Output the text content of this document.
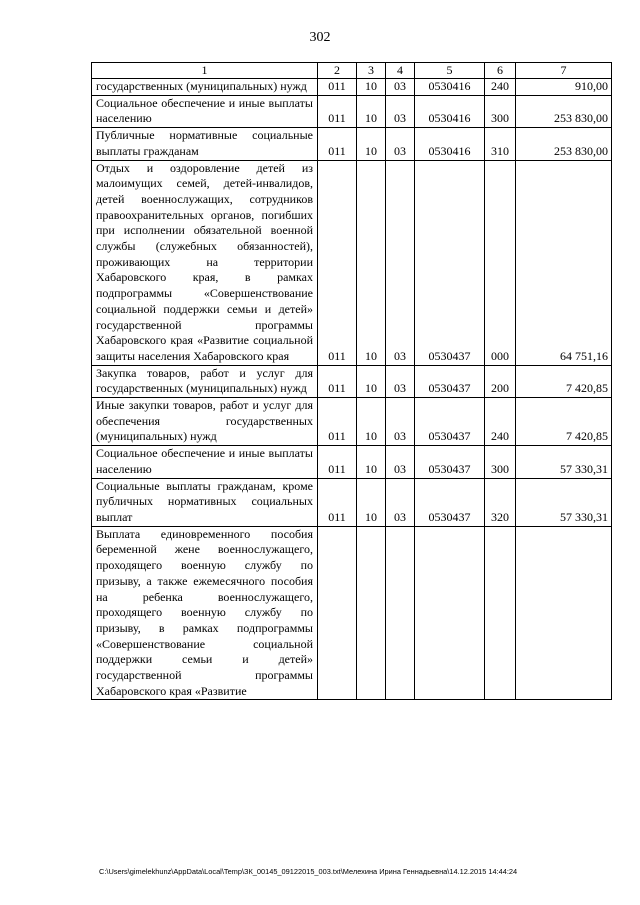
302
1	2	3	4	5	6	7
государственных (муниципальных) нужд	011	10	03	0530416	240	910,00
Социальное обеспечение и иные выплаты населению	011	10	03	0530416	300	253 830,00
Публичные нормативные социальные выплаты гражданам	011	10	03	0530416	310	253 830,00
Отдых и оздоровление детей из малоимущих семей, детей-инвалидов, детей военнослужащих, сотрудников правоохранительных органов, погибших при исполнении обязательной военной службы (служебных обязанностей), проживающих на территории Хабаровского края, в рамках подпрограммы «Совершенствование социальной поддержки семьи и детей» государственной программы Хабаровского края «Развитие социальной защиты населения Хабаровского края	011	10	03	0530437	000	64 751,16
Закупка товаров, работ и услуг для государственных (муниципальных) нужд	011	10	03	0530437	200	7 420,85
Иные закупки товаров, работ и услуг для обеспечения государственных (муниципальных) нужд	011	10	03	0530437	240	7 420,85
Социальное обеспечение и иные выплаты населению	011	10	03	0530437	300	57 330,31
Социальные выплаты гражданам, кроме публичных нормативных социальных выплат	011	10	03	0530437	320	57 330,31
Выплата единовременного пособия беременной жене военнослужащего, проходящего военную службу по призыву, а также ежемесячного пособия на ребенка военнослужащего, проходящего военную службу по призыву, в рамках подпрограммы «Совершенствование социальной поддержки семьи и детей» государственной программы Хабаровского края «Развитие						
C:\Users\gimelekhunz\AppData\Local\Temp\ЗК_00145_09122015_003.txt\Мелехина Ирина Геннадьевна\14.12.2015 14:44:24
